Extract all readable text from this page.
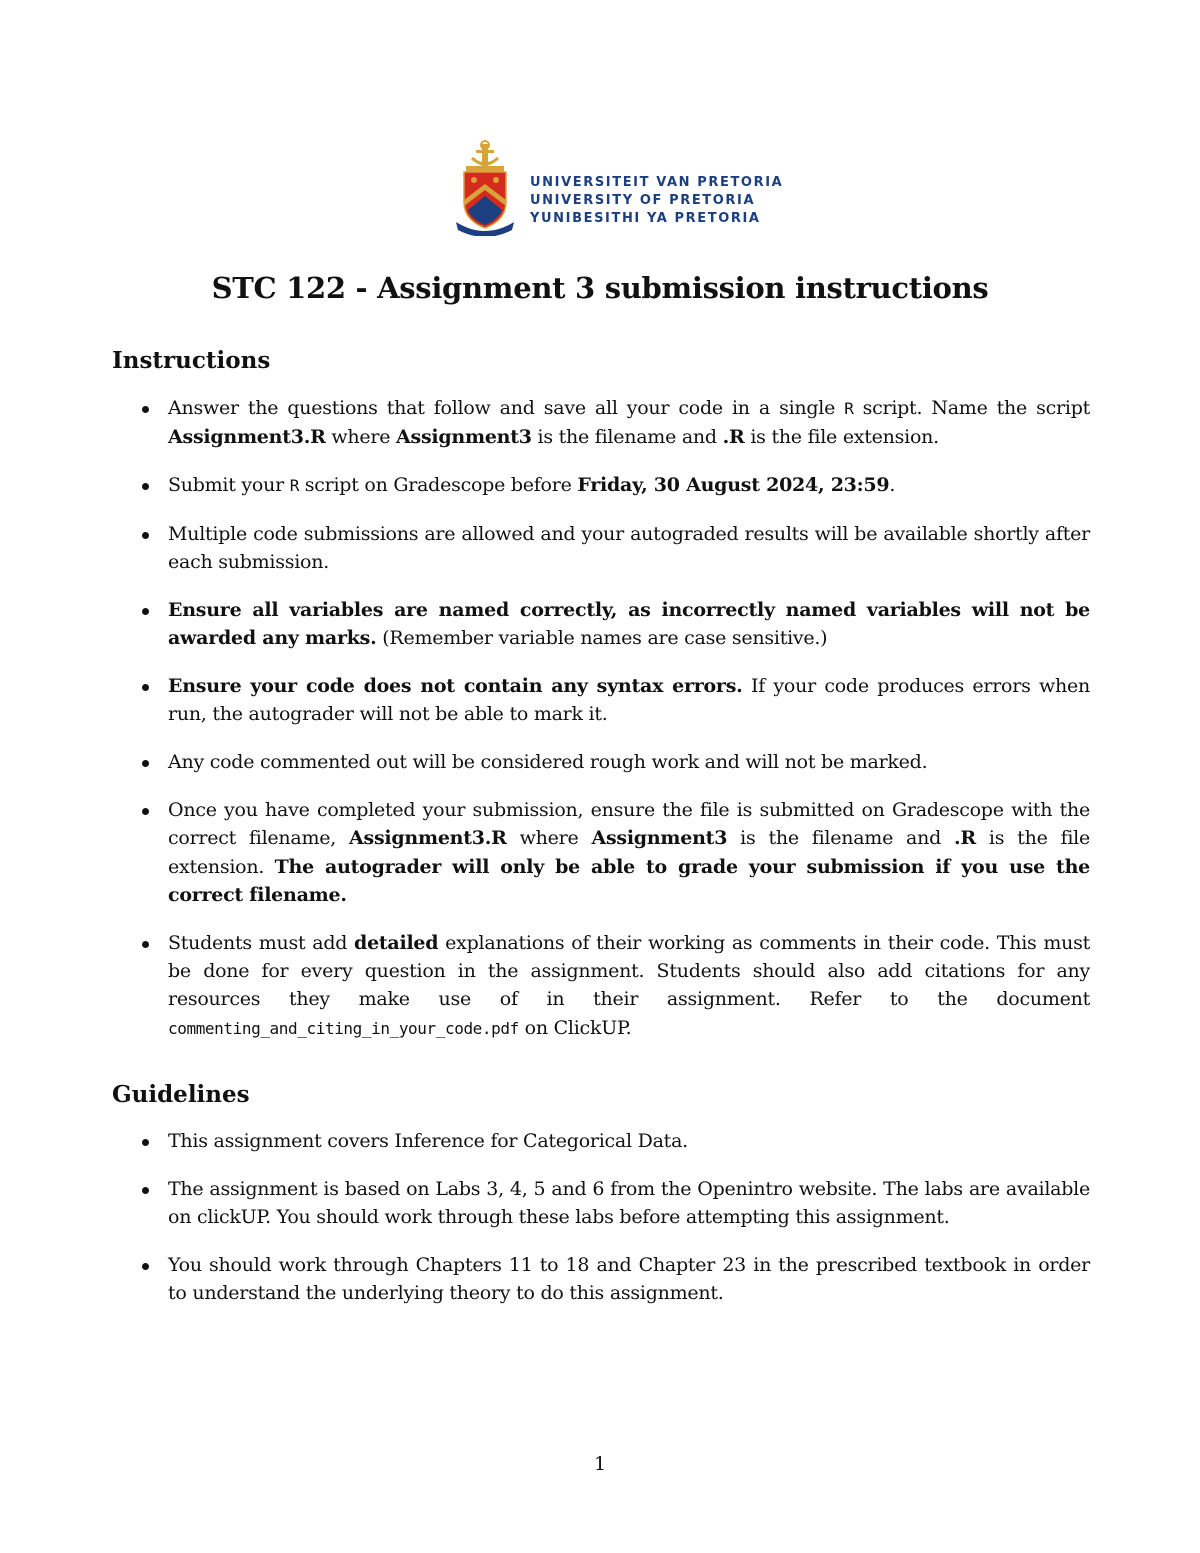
UNIVERSITEIT VAN PRETORIA
UNIVERSITY OF PRETORIA
YUNIBESITHI YA PRETORIA
STC 122 - Assignment 3 submission instructions
Instructions
Answer the questions that follow and save all your code in a single R script. Name the script Assignment3.R where Assignment3 is the filename and .R is the file extension.
Submit your R script on Gradescope before Friday, 30 August 2024, 23:59.
Multiple code submissions are allowed and your autograded results will be available shortly after each submission.
Ensure all variables are named correctly, as incorrectly named variables will not be awarded any marks. (Remember variable names are case sensitive.)
Ensure your code does not contain any syntax errors. If your code produces errors when run, the autograder will not be able to mark it.
Any code commented out will be considered rough work and will not be marked.
Once you have completed your submission, ensure the file is submitted on Gradescope with the correct filename, Assignment3.R where Assignment3 is the filename and .R is the file extension. The autograder will only be able to grade your submission if you use the correct filename.
Students must add detailed explanations of their working as comments in their code. This must be done for every question in the assignment. Students should also add citations for any resources they make use of in their assignment. Refer to the document commenting_and_citing_in_your_code.pdf on ClickUP.
Guidelines
This assignment covers Inference for Categorical Data.
The assignment is based on Labs 3, 4, 5 and 6 from the Openintro website. The labs are available on clickUP. You should work through these labs before attempting this assignment.
You should work through Chapters 11 to 18 and Chapter 23 in the prescribed textbook in order to understand the underlying theory to do this assignment.
1
